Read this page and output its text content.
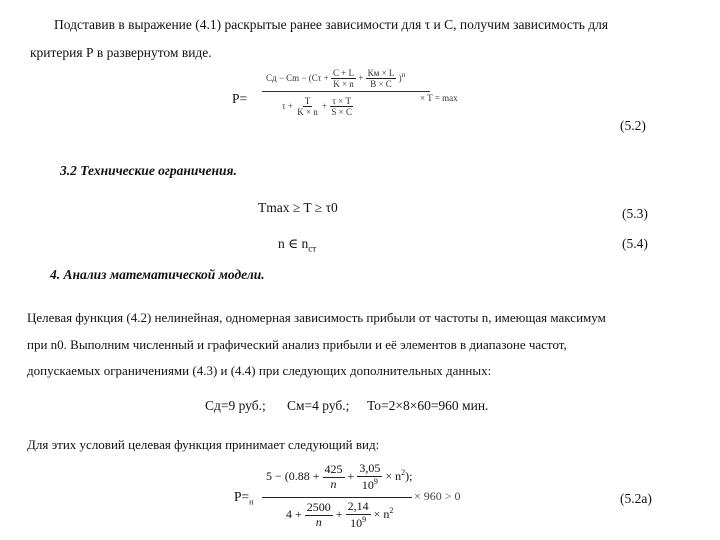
Подставив в выражение (4.1) раскрытые ранее зависимости для τ и С, получим зависимость для
критерия Р в развернутом виде.
P=
Сд − Сm − $(С\tau + \frac{C + L}{K \times n} + \frac{Км \times L}{B \times C} )^n$
$\tau + \frac{T}{K \times n} + \frac{\tau \times T}{S \times C}$	× T = max
(5.2)
3.2 Технические ограничения.
Tmax ≥ T ≥ τ0	(5.3)
n ∈ $n_{ст}$	(5.4)
4. Анализ математической модели.
Целевая функция (4.2) нелинейная, одномерная зависимость прибыли от частоты n, имеющая максимум
при n0. Выполним численный и графический анализ прибыли и её элементов в диапазоне частот,
допускаемых ограничениями (4.3) и (4.4) при следующих дополнительных данных:
Сд=9 руб.; См=4 руб.; То=2×8×60=960 мин.
Для этих условий целевая функция принимает следующий вид:
$P=_н$
$5 - (0.88 + \frac{425}{n} + \frac{3,05}{10^9} \times n^2)$;
$4 + \frac{2500}{n} + \frac{2,14}{10^9} \times n^2$
× 960 > 0	(5.2а)
